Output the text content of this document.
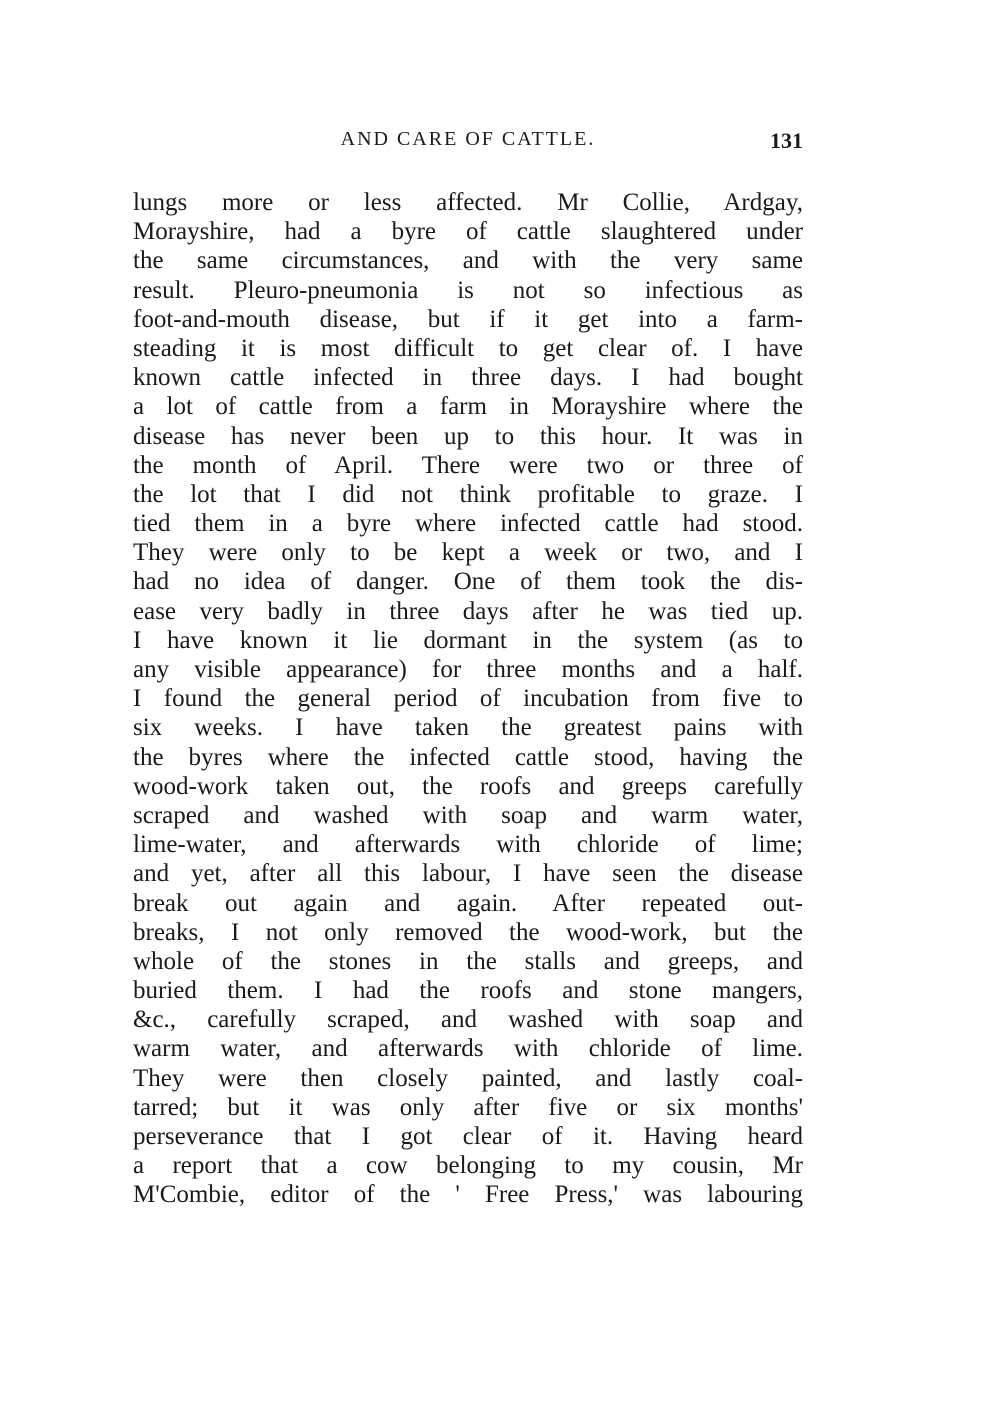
AND CARE OF CATTLE.	131
lungs more or less affected. Mr Collie, Ardgay,
Morayshire, had a byre of cattle slaughtered under
the same circumstances, and with the very same
result. Pleuro-pneumonia is not so infectious as
foot-and-mouth disease, but if it get into a farm-
steading it is most difficult to get clear of. I have
known cattle infected in three days. I had bought
a lot of cattle from a farm in Morayshire where the
disease has never been up to this hour. It was in
the month of April. There were two or three of
the lot that I did not think profitable to graze. I
tied them in a byre where infected cattle had stood.
They were only to be kept a week or two, and I
had no idea of danger. One of them took the dis-
ease very badly in three days after he was tied up.
I have known it lie dormant in the system (as to
any visible appearance) for three months and a half.
I found the general period of incubation from five to
six weeks. I have taken the greatest pains with
the byres where the infected cattle stood, having the
wood-work taken out, the roofs and greeps carefully
scraped and washed with soap and warm water,
lime-water, and afterwards with chloride of lime;
and yet, after all this labour, I have seen the disease
break out again and again. After repeated out-
breaks, I not only removed the wood-work, but the
whole of the stones in the stalls and greeps, and
buried them. I had the roofs and stone mangers,
&c., carefully scraped, and washed with soap and
warm water, and afterwards with chloride of lime.
They were then closely painted, and lastly coal-
tarred; but it was only after five or six months'
perseverance that I got clear of it. Having heard
a report that a cow belonging to my cousin, Mr
M'Combie, editor of the ' Free Press,' was labouring
